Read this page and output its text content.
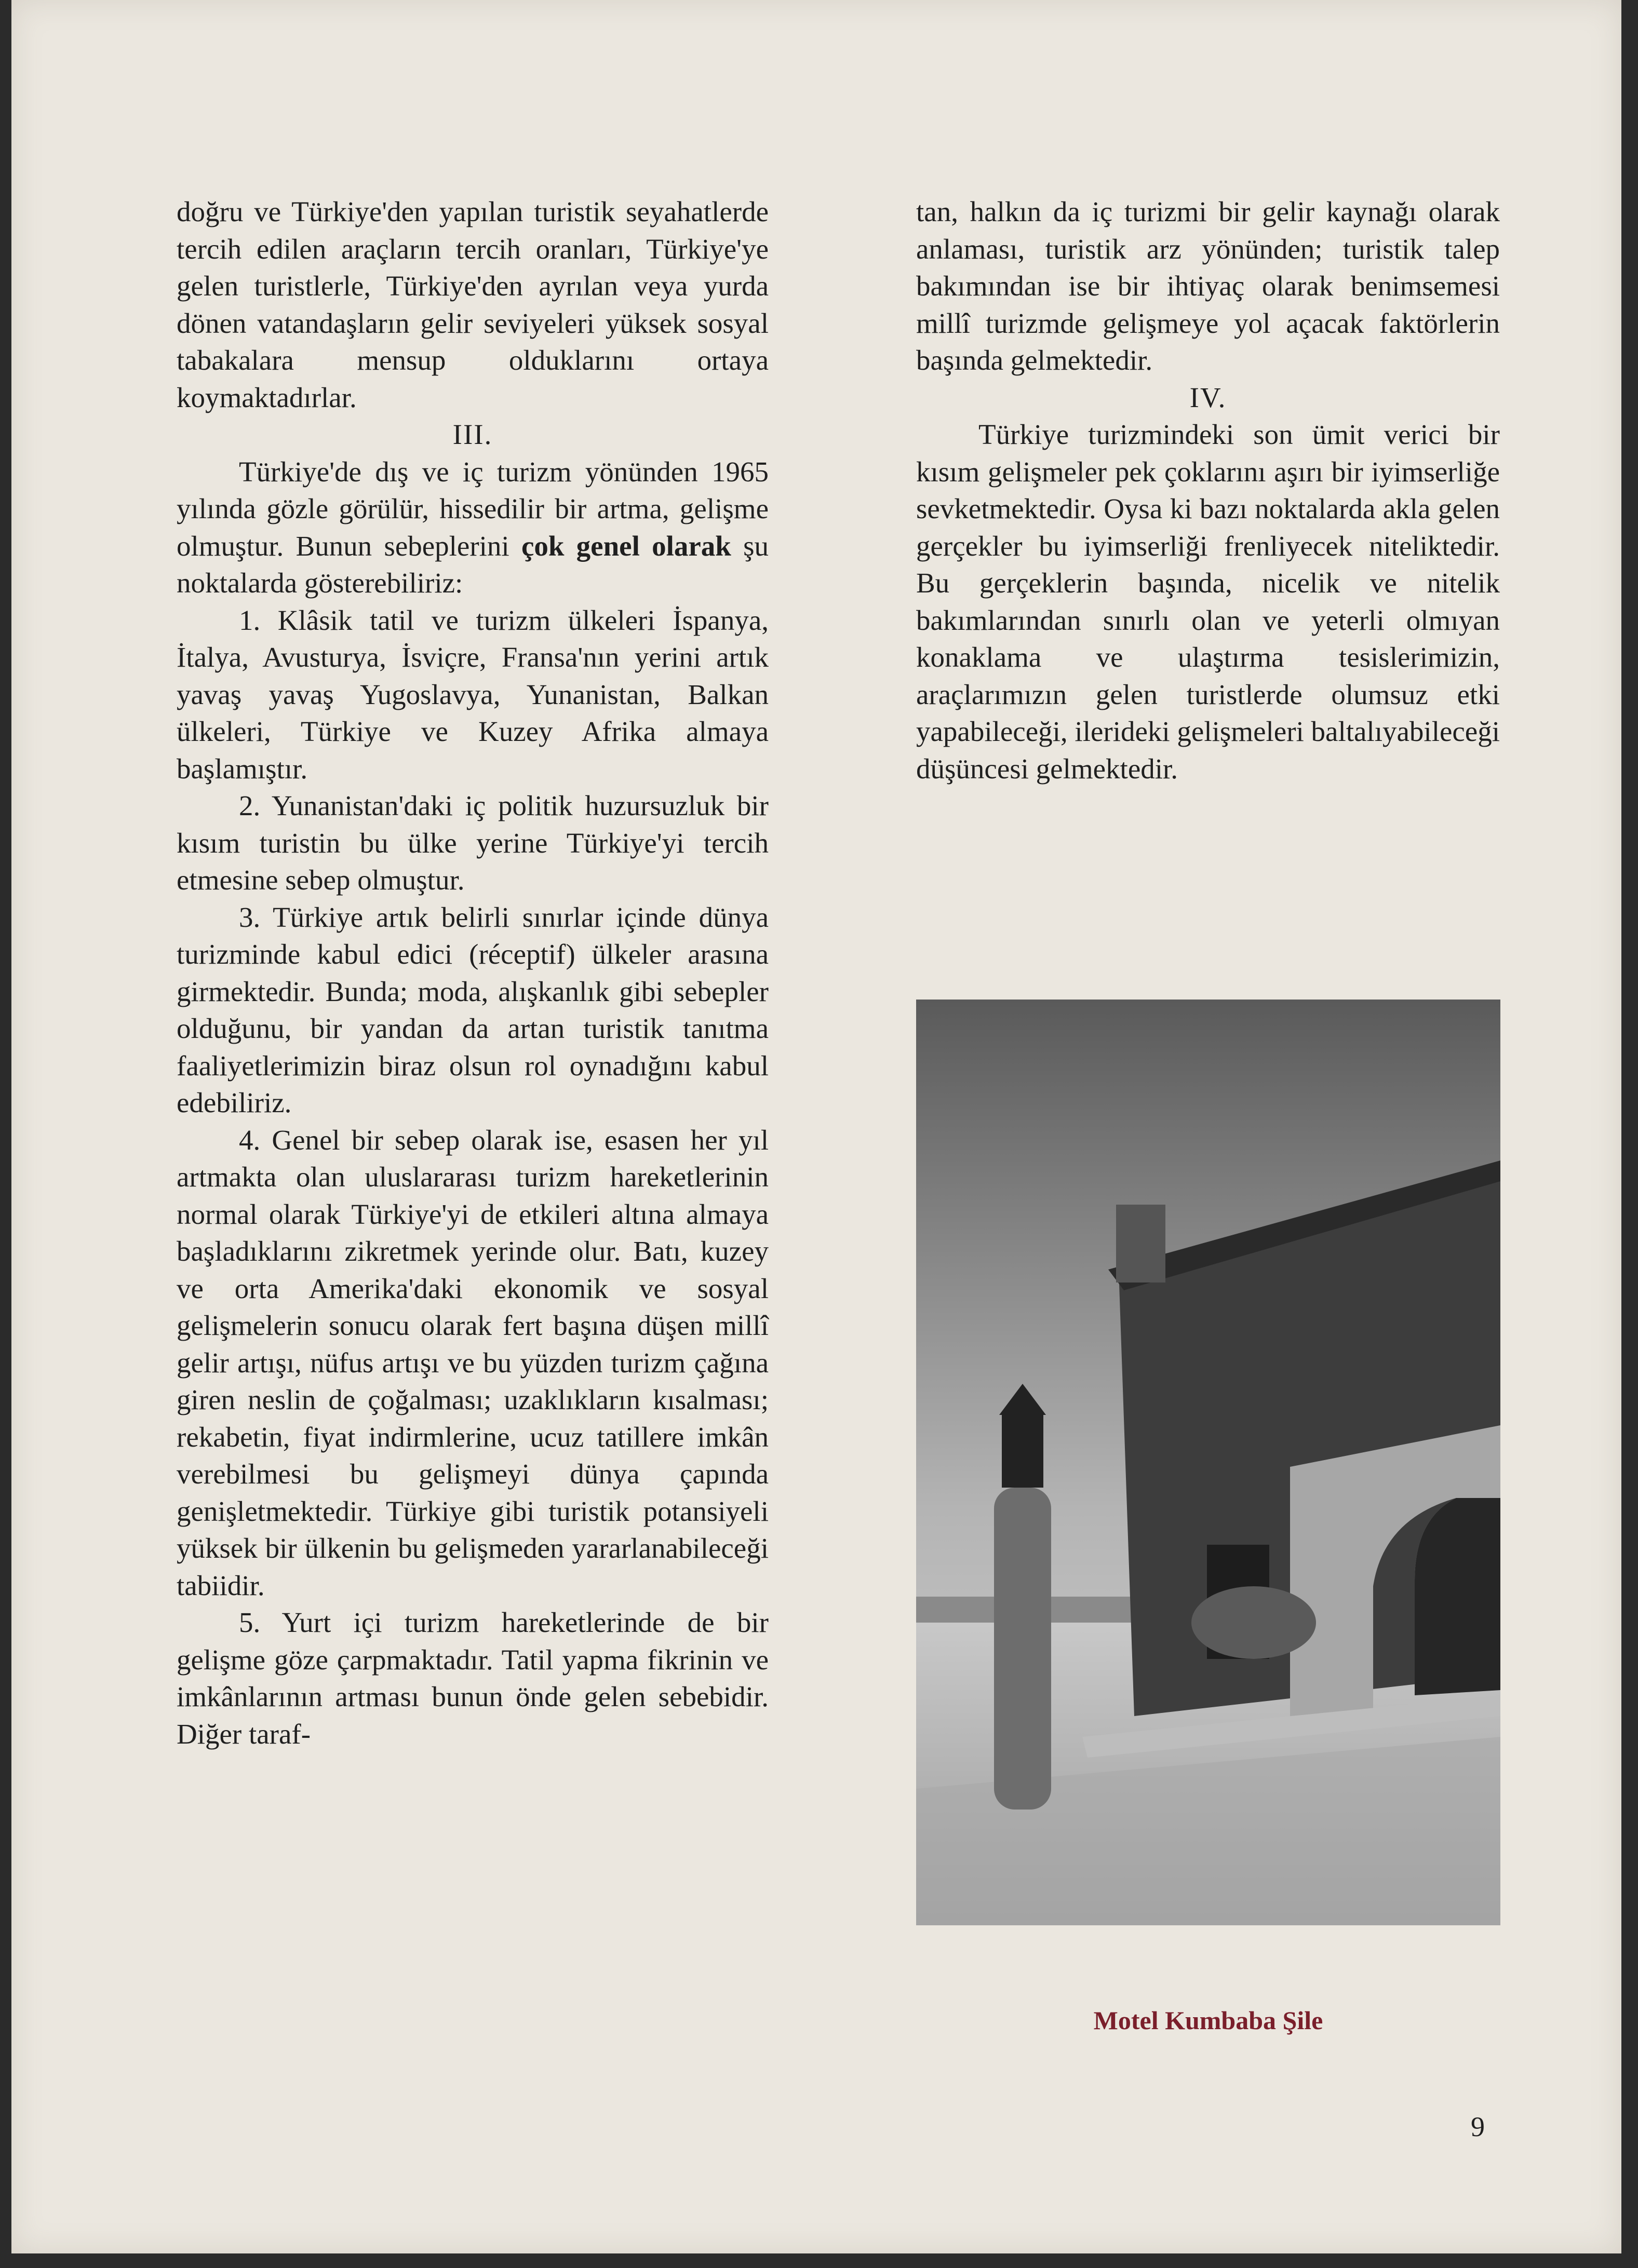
doğru ve Türkiye'den yapılan turistik seyahatlerde tercih edilen araçların tercih oranları, Türkiye'ye gelen turistlerle, Türkiye'den ayrılan veya yurda dönen vatandaşların gelir seviyeleri yüksek sosyal tabakalara mensup olduklarını ortaya koymaktadırlar.

III.

Türkiye'de dış ve iç turizm yönünden 1965 yılında gözle görülür, hissedilir bir artma, gelişme olmuştur. Bunun sebeplerini çok genel olarak şu noktalarda gösterebiliriz:

1. Klâsik tatil ve turizm ülkeleri İspanya, İtalya, Avusturya, İsviçre, Fransa'nın yerini artık yavaş yavaş Yugoslavya, Yunanistan, Balkan ülkeleri, Türkiye ve Kuzey Afrika almaya başlamıştır.

2. Yunanistan'daki iç politik huzursuzluk bir kısım turistin bu ülke yerine Türkiye'yi tercih etmesine sebep olmuştur.

3. Türkiye artık belirli sınırlar içinde dünya turizminde kabul edici (réceptif) ülkeler arasına girmektedir. Bunda; moda, alışkanlık gibi sebepler olduğunu, bir yandan da artan turistik tanıtma faaliyetlerimizin biraz olsun rol oynadığını kabul edebiliriz.

4. Genel bir sebep olarak ise, esasen her yıl artmakta olan uluslararası turizm hareketlerinin normal olarak Türkiye'yi de etkileri altına almaya başladıklarını zikretmek yerinde olur. Batı, kuzey ve orta Amerika'daki ekonomik ve sosyal gelişmelerin sonucu olarak fert başına düşen millî gelir artışı, nüfus artışı ve bu yüzden turizm çağına giren neslin de çoğalması; uzaklıkların kısalması; rekabetin, fiyat indirmlerine, ucuz tatillere imkân verebilmesi bu gelişmeyi dünya çapında genişletmektedir. Türkiye gibi turistik potansiyeli yüksek bir ülkenin bu gelişmeden yararlanabileceği tabiidir.

5. Yurt içi turizm hareketlerinde de bir gelişme göze çarpmaktadır. Tatil yapma fikrinin ve imkânlarının artması bunun önde gelen sebebidir. Diğer taraf-

tan, halkın da iç turizmi bir gelir kaynağı olarak anlaması, turistik arz yönünden; turistik talep bakımından ise bir ihtiyaç olarak benimsemesi millî turizmde gelişmeye yol açacak faktörlerin başında gelmektedir.

IV.

Türkiye turizmindeki son ümit verici bir kısım gelişmeler pek çoklarını aşırı bir iyimserliğe sevketmektedir. Oysa ki bazı noktalarda akla gelen gerçekler bu iyimserliği frenliyecek niteliktedir. Bu gerçeklerin başında, nicelik ve nitelik bakımlarından sınırlı olan ve yeterli olmıyan konaklama ve ulaştırma tesislerimizin, araçlarımızın gelen turistlerde olumsuz etki yapabileceği, ilerideki gelişmeleri baltalıyabileceği düşüncesi gelmektedir.

Motel Kumbaba Şile
9
